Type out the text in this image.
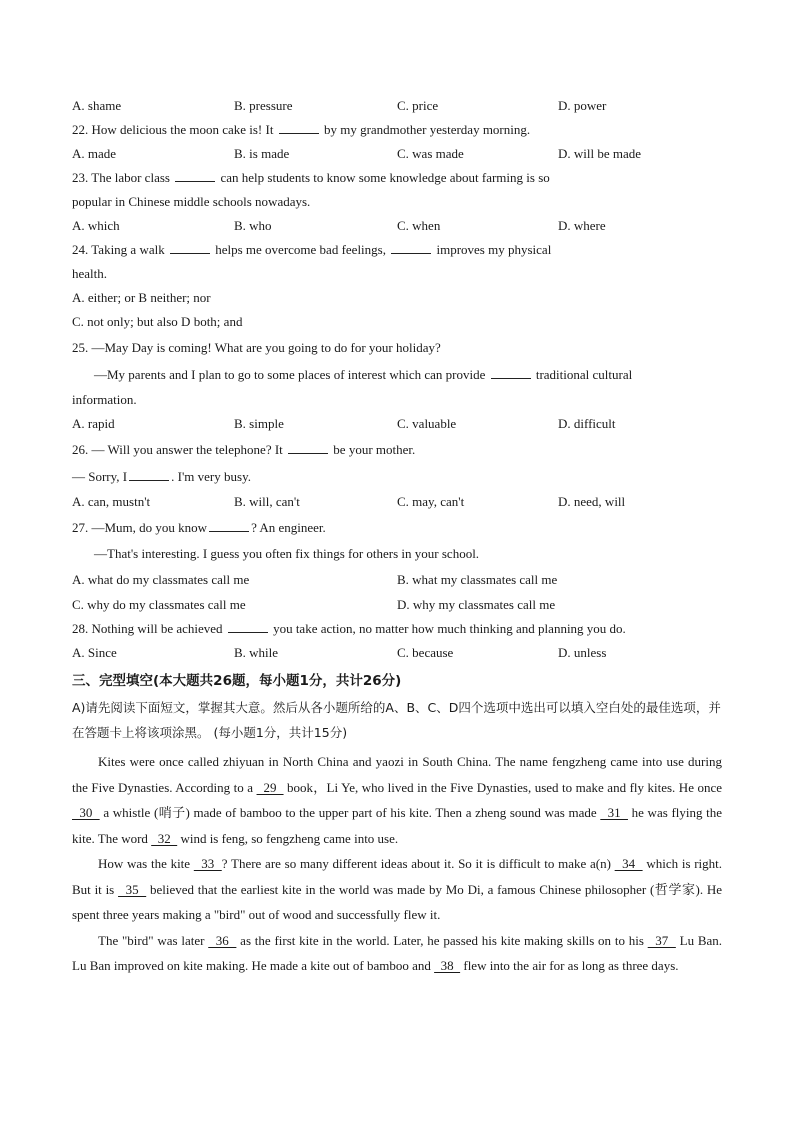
A. shame	B. pressure	C. price	D. power
22. How delicious the moon cake is! It	by my grandmother yesterday morning.
A. made	B. is made	C. was made	D. will be made
23. The labor class	can help students to know some knowledge about farming is so
popular in Chinese middle schools nowadays.
A. which	B. who	C. when	D. where
24. Taking a walk	helps me overcome bad feelings,	improves my physical
health.
A. either; or B neither; nor
C. not only; but also D both; and
25. —May Day is coming! What are you going to do for your holiday?
—My parents and I plan to go to some places of interest which can provide	traditional cultural
information.
A. rapid	B. simple	C. valuable	D. difficult
26. — Will you answer the telephone? It	be your mother.
— Sorry, I	. I'm very busy.
A. can, mustn't	B. will, can't	C. may, can't	D. need, will
27. —Mum, do you know	? An engineer.
—That's interesting. I guess you often fix things for others in your school.
A. what do my classmates call me	B. what my classmates call me
C. why do my classmates call me	D. why my classmates call me
28. Nothing will be achieved	you take action, no matter how much thinking and planning you do.
A. Since	B. while	C. because	D. unless
三、完型填空(本大题共26题，每小题1分，共计26分)
A)请先阅读下面短文，掌握其大意。然后从各小题所给的A、B、C、D四个选项中选出可以填入空白处的最佳选项，并在答题卡上将该项涂黑。 (每小题1分，共计15分)

Kites were once called zhiyuan in North China and yaozi in South China. The name fengzheng came into use during the Five Dynasties. According to a   29   book，Li Ye, who lived in the Five Dynasties, used to make and fly kites. He once   30   a whistle (哨子) made of bamboo to the upper part of his kite. Then a zheng sound was made   31   he was flying the kite. The word   32   wind is feng, so fengzheng came into use.

How was the kite   33  ? There are so many different ideas about it. So it is difficult to make a(n)   34   which is right. But it is   35   believed that the earliest kite in the world was made by Mo Di, a famous Chinese philosopher (哲学家). He spent three years making a "bird" out of wood and successfully flew it.

The "bird" was later   36   as the first kite in the world. Later, he passed his kite making skills on to his   37   Lu Ban. Lu Ban improved on kite making. He made a kite out of bamboo and   38   flew into the air for as long as three days.
